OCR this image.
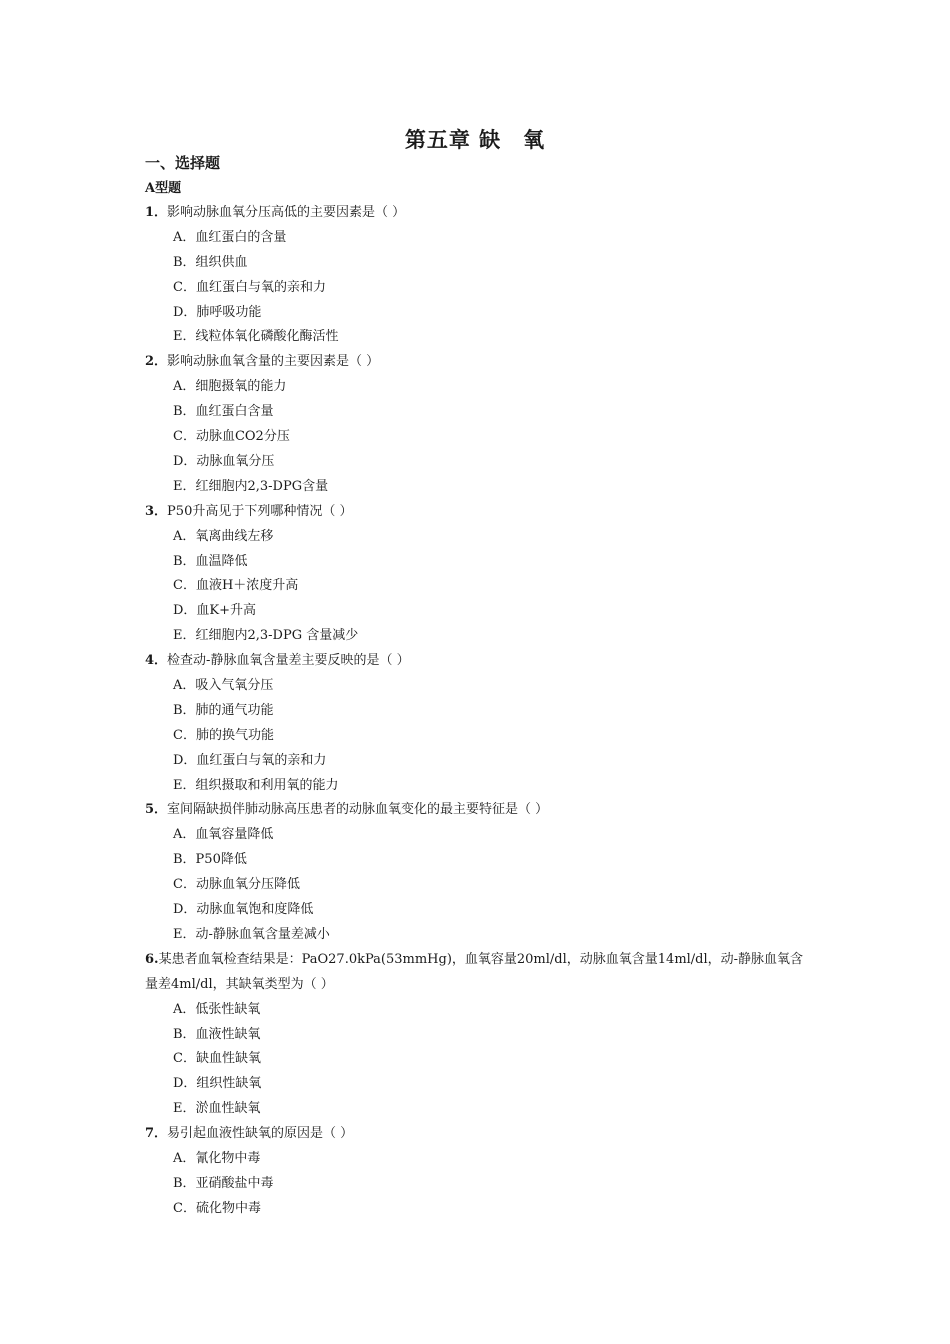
第五章 缺　氧
一、选择题
A型题

1．影响动脉血氧分压高低的主要因素是（ ）

A．血红蛋白的含量
B．组织供血
C．血红蛋白与氧的亲和力
D．肺呼吸功能
E．线粒体氧化磷酸化酶活性

2．影响动脉血氧含量的主要因素是（ ）

A．细胞摄氧的能力
B．血红蛋白含量
C．动脉血CO2分压
D．动脉血氧分压
E．红细胞内2,3-DPG含量

3．P50升高见于下列哪种情况（ ）

A．氧离曲线左移
B．血温降低
C．血液H＋浓度升高
D．血K+升高
E．红细胞内2,3-DPG 含量减少

4．检查动-静脉血氧含量差主要反映的是（ ）

A．吸入气氧分压
B．肺的通气功能
C．肺的换气功能
D．血红蛋白与氧的亲和力
E．组织摄取和利用氧的能力

5．室间隔缺损伴肺动脉高压患者的动脉血氧变化的最主要特征是（ ）

A．血氧容量降低
B．P50降低
C．动脉血氧分压降低
D．动脉血氧饱和度降低
E．动-静脉血氧含量差减小

6.某患者血氧检查结果是：PaO27.0kPa(53mmHg)，血氧容量20ml/dl，动脉血氧含量14ml/dl，动-静脉血氧含量差4ml/dl，其缺氧类型为（ ）

A．低张性缺氧
B．血液性缺氧
C．缺血性缺氧
D．组织性缺氧
E．淤血性缺氧

7．易引起血液性缺氧的原因是（ ）

A．氰化物中毒
B．亚硝酸盐中毒
C．硫化物中毒
